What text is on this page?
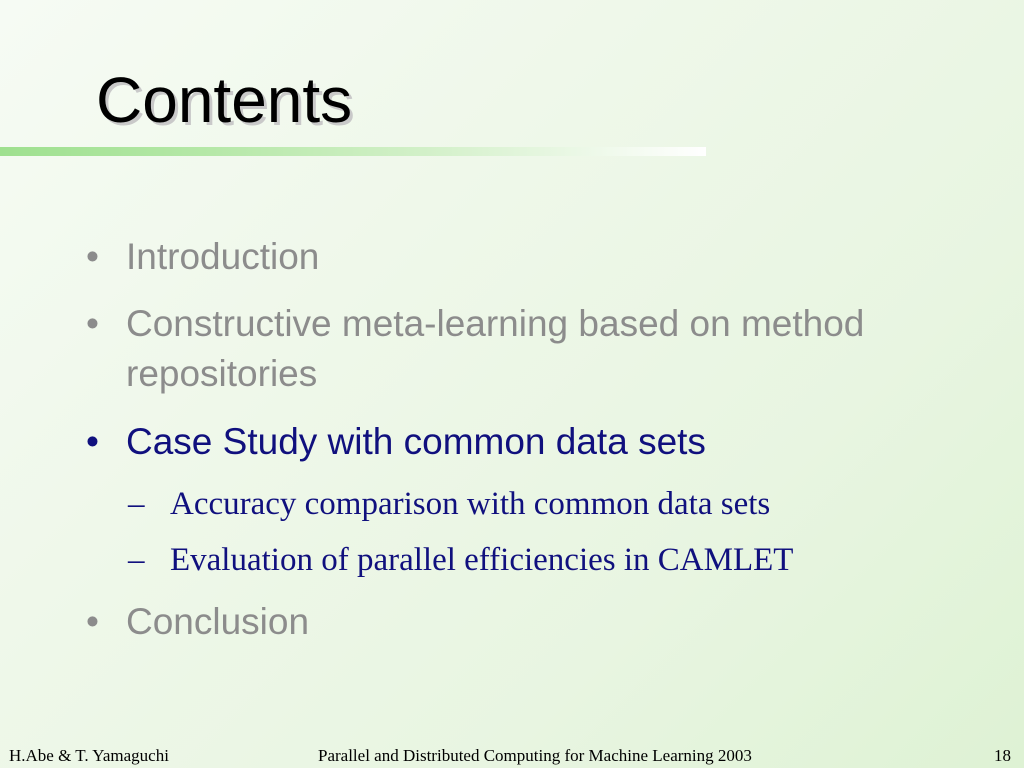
Contents
• Introduction
• Constructive meta-learning based on method repositories
• Case Study with common data sets
– Accuracy comparison with common data sets
– Evaluation of parallel efficiencies in CAMLET
• Conclusion
H.Abe & T. Yamaguchi	Parallel and Distributed Computing for Machine Learning 2003	18
